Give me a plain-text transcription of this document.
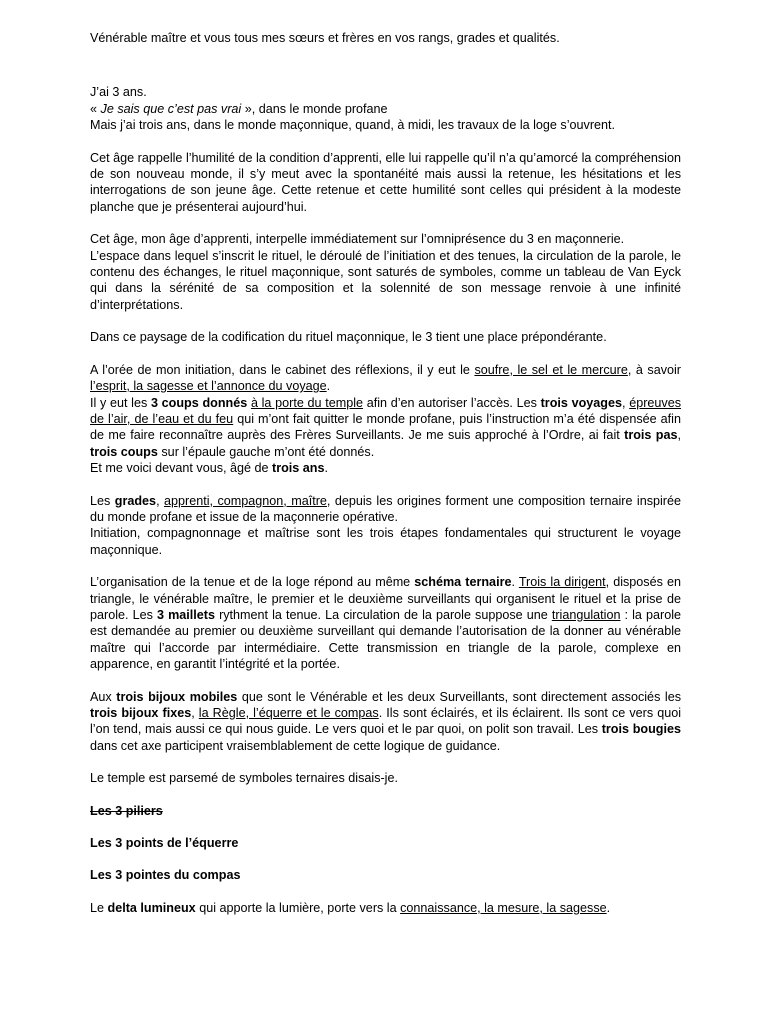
Vénérable maître et vous tous mes sœurs et frères en vos rangs, grades et qualités.

J’ai 3 ans.

« Je sais que c’est pas vrai », dans le monde profane

Mais j’ai trois ans, dans le monde maçonnique, quand, à midi, les travaux de la loge s’ouvrent.

Cet âge rappelle l’humilité de la condition d’apprenti, elle lui rappelle qu’il n’a qu’amorcé la compréhension de son nouveau monde, il s’y meut avec la spontanéité mais aussi la retenue, les hésitations et les interrogations de son jeune âge. Cette retenue et cette humilité sont celles qui président à la modeste planche que je présenterai aujourd’hui.

Cet âge, mon âge d’apprenti, interpelle immédiatement sur l’omniprésence du 3 en maçonnerie.

L’espace dans lequel s’inscrit le rituel, le déroulé de l’initiation et des tenues, la circulation de la parole, le contenu des échanges, le rituel maçonnique, sont saturés de symboles, comme un tableau de Van Eyck qui dans la sérénité de sa composition et la solennité de son message renvoie à une infinité d’interprétations.

Dans ce paysage de la codification du rituel maçonnique, le 3 tient une place prépondérante.

A l’orée de mon initiation, dans le cabinet des réflexions, il y eut le soufre, le sel et le mercure, à savoir l’esprit, la sagesse et l’annonce du voyage.

Il y eut les 3 coups donnés à la porte du temple afin d’en autoriser l’accès. Les trois voyages, épreuves de l’air, de l’eau et du feu qui m’ont fait quitter le monde profane, puis l’instruction m’a été dispensée afin de me faire reconnaître auprès des Frères Surveillants. Je me suis approché à l’Ordre, ai fait trois pas, trois coups sur l’épaule gauche m’ont été donnés.

Et me voici devant vous, âgé de trois ans.

Les grades, apprenti, compagnon, maître, depuis les origines forment une composition ternaire inspirée du monde profane et issue de la maçonnerie opérative.

Initiation, compagnonnage et maîtrise sont les trois étapes fondamentales qui structurent le voyage maçonnique.

L’organisation de la tenue et de la loge répond au même schéma ternaire. Trois la dirigent, disposés en triangle, le vénérable maître, le premier et le deuxième surveillants qui organisent le rituel et la prise de parole. Les 3 maillets rythment la tenue. La circulation de la parole suppose une triangulation : la parole est demandée au premier ou deuxième surveillant qui demande l’autorisation de la donner au vénérable maître qui l’accorde par intermédiaire. Cette transmission en triangle de la parole, complexe en apparence, en garantit l’intégrité et la portée.

Aux trois bijoux mobiles que sont le Vénérable et les deux Surveillants, sont directement associés les trois bijoux fixes, la Règle, l’équerre et le compas. Ils sont éclairés, et ils éclairent. Ils sont ce vers quoi l’on tend, mais aussi ce qui nous guide. Le vers quoi et le par quoi, on polit son travail. Les trois bougies dans cet axe participent vraisemblablement de cette logique de guidance.

Le temple est parsemé de symboles ternaires disais-je.

Les 3 piliers

Les 3 points de l’équerre

Les 3 pointes du compas

Le delta lumineux qui apporte la lumière, porte vers la connaissance, la mesure, la sagesse.
